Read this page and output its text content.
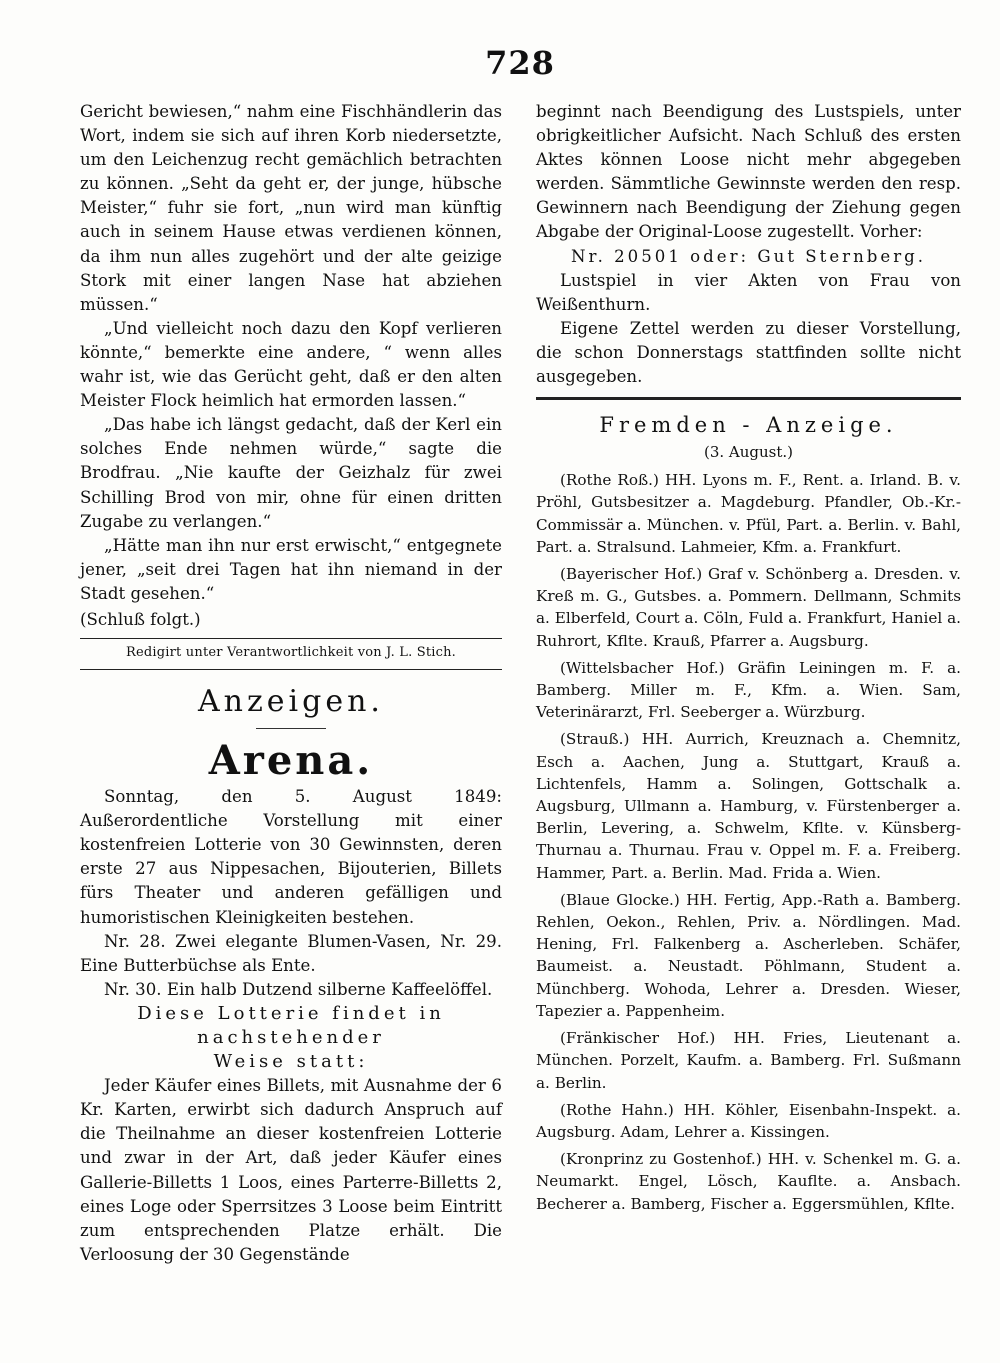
728

Gericht bewiesen,“ nahm eine Fischhändlerin das Wort, indem sie sich auf ihren Korb niedersetzte, um den Leichenzug recht gemächlich betrachten zu können. „Seht da geht er, der junge, hübsche Meister,“ fuhr sie fort, „nun wird man künftig auch in seinem Hause etwas verdienen können, da ihm nun alles zugehört und der alte geizige Stork mit einer langen Nase hat abziehen müssen.“

„Und vielleicht noch dazu den Kopf verlieren könnte,“ bemerkte eine andere, “ wenn alles wahr ist, wie das Gerücht geht, daß er den alten Meister Flock heimlich hat ermorden lassen.“

„Das habe ich längst gedacht, daß der Kerl ein solches Ende nehmen würde,“ sagte die Brodfrau. „Nie kaufte der Geizhalz für zwei Schilling Brod von mir, ohne für einen dritten Zugabe zu verlangen.“

„Hätte man ihn nur erst erwischt,“ entgegnete jener, „seit drei Tagen hat ihn niemand in der Stadt gesehen.“

(Schluß folgt.)

Redigirt unter Verantwortlichkeit von J. L. Stich.

Anzeigen.

Arena.

Sonntag, den 5. August 1849: Außerordentliche Vorstellung mit einer kostenfreien Lotterie von 30 Gewinnsten, deren erste 27 aus Nippesachen, Bijouterien, Billets fürs Theater und anderen gefälligen und humoristischen Kleinigkeiten bestehen.

Nr. 28. Zwei elegante Blumen-Vasen, Nr. 29. Eine Butterbüchse als Ente.

Nr. 30. Ein halb Dutzend silberne Kaffeelöffel.

Diese Lotterie findet in nachstehender

Weise statt:

Jeder Käufer eines Billets, mit Ausnahme der 6 Kr. Karten, erwirbt sich dadurch Anspruch auf die Theilnahme an dieser kostenfreien Lotterie und zwar in der Art, daß jeder Käufer eines Gallerie-Billetts 1 Loos, eines Parterre-Billetts 2, eines Loge oder Sperrsitzes 3 Loose beim Eintritt zum entsprechenden Platze erhält. Die Verloosung der 30 Gegenstände

beginnt nach Beendigung des Lustspiels, unter obrigkeitlicher Aufsicht. Nach Schluß des ersten Aktes können Loose nicht mehr abgegeben werden. Sämmtliche Gewinnste werden den resp. Gewinnern nach Beendigung der Ziehung gegen Abgabe der Original-Loose zugestellt. Vorher:

Nr. 20501 oder: Gut Sternberg.

Lustspiel in vier Akten von Frau von Weißenthurn.

Eigene Zettel werden zu dieser Vorstellung, die schon Donnerstags stattfinden sollte nicht ausgegeben.

Fremden - Anzeige.

(3. August.)

(Rothe Roß.) HH. Lyons m. F., Rent. a. Irland. B. v. Pröhl, Gutsbesitzer a. Magdeburg. Pfandler, Ob.-Kr.-Commissär a. München. v. Pfül, Part. a. Berlin. v. Bahl, Part. a. Stralsund. Lahmeier, Kfm. a. Frankfurt.

(Bayerischer Hof.) Graf v. Schönberg a. Dresden. v. Kreß m. G., Gutsbes. a. Pommern. Dellmann, Schmits a. Elberfeld, Court a. Cöln, Fuld a. Frankfurt, Haniel a. Ruhrort, Kflte. Krauß, Pfarrer a. Augsburg.

(Wittelsbacher Hof.) Gräfin Leiningen m. F. a. Bamberg. Miller m. F., Kfm. a. Wien. Sam, Veterinärarzt, Frl. Seeberger a. Würzburg.

(Strauß.) HH. Aurrich, Kreuznach a. Chemnitz, Esch a. Aachen, Jung a. Stuttgart, Krauß a. Lichtenfels, Hamm a. Solingen, Gottschalk a. Augsburg, Ullmann a. Hamburg, v. Fürstenberger a. Berlin, Levering, a. Schwelm, Kflte. v. Künsberg-Thurnau a. Thurnau. Frau v. Oppel m. F. a. Freiberg. Hammer, Part. a. Berlin. Mad. Frida a. Wien.

(Blaue Glocke.) HH. Fertig, App.-Rath a. Bamberg. Rehlen, Oekon., Rehlen, Priv. a. Nördlingen. Mad. Hening, Frl. Falkenberg a. Ascherleben. Schäfer, Baumeist. a. Neustadt. Pöhlmann, Student a. Münchberg. Wohoda, Lehrer a. Dresden. Wieser, Tapezier a. Pappenheim.

(Fränkischer Hof.) HH. Fries, Lieutenant a. München. Porzelt, Kaufm. a. Bamberg. Frl. Sußmann a. Berlin.

(Rothe Hahn.) HH. Köhler, Eisenbahn-Inspekt. a. Augsburg. Adam, Lehrer a. Kissingen.

(Kronprinz zu Gostenhof.) HH. v. Schenkel m. G. a. Neumarkt. Engel, Lösch, Kauflte. a. Ansbach. Becherer a. Bamberg, Fischer a. Eggersmühlen, Kflte.
